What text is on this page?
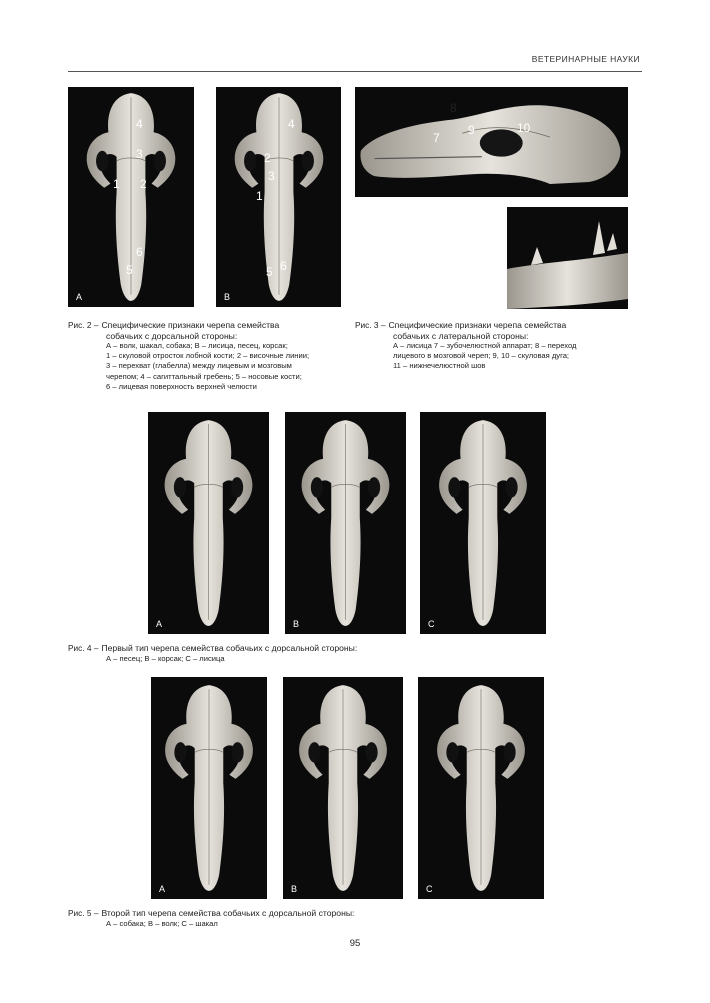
ВЕТЕРИНАРНЫЕ НАУКИ
4
3
1 2
6
5
A
4
2
3
1
5 6
B
8
7
9	10
Рис. 2 – Специфические признаки черепа семейства
собачьих с дорсальной стороны:
А – волк, шакал, собака; В – лисица, песец, корсак;
1 – скуловой отросток лобной кости; 2 – височные линии;
3 – перехват (глабелла) между лицевым и мозговым
черепом; 4 – сагиттальный гребень; 5 – носовые кости;
6 – лицевая поверхность верхней челюсти
Рис. 3 – Специфические признаки черепа семейства
собачьих с латеральной стороны:
А – лисица 7 – зубочелюстной аппарат; 8 – переход
лицевого в мозговой череп; 9, 10 – скуловая дуга;
11 – нижнечелюстной шов
A	B	C
Рис. 4 – Первый тип черепа семейства собачьих с дорсальной стороны:
А – песец; В – корсак; С – лисица
A	B	C
Рис. 5 – Второй тип черепа семейства собачьих с дорсальной стороны:
А – собака; В – волк; С – шакал
95
